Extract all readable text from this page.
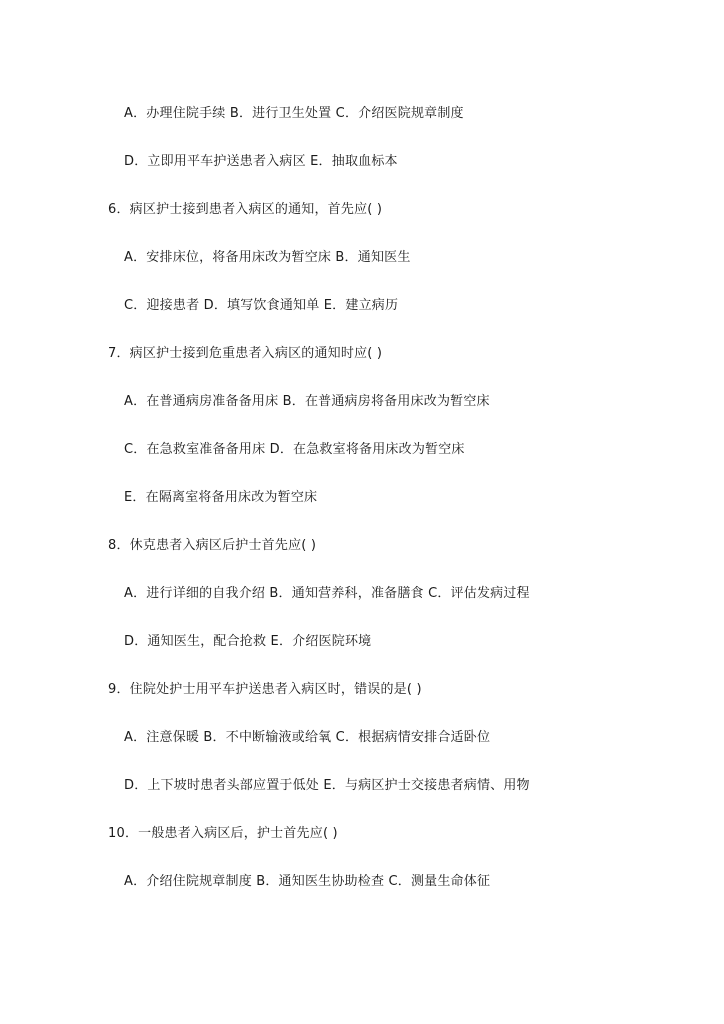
A．办理住院手续 B．进行卫生处置 C．介绍医院规章制度
D．立即用平车护送患者入病区 E．抽取血标本
6．病区护士接到患者入病区的通知，首先应( )
A．安排床位，将备用床改为暂空床 B．通知医生
C．迎接患者 D．填写饮食通知单 E．建立病历
7．病区护士接到危重患者入病区的通知时应( )
A．在普通病房准备备用床 B．在普通病房将备用床改为暂空床
C．在急救室准备备用床 D．在急救室将备用床改为暂空床
E．在隔离室将备用床改为暂空床
8．休克患者入病区后护士首先应( )
A．进行详细的自我介绍 B．通知营养科，准备膳食 C．评估发病过程
D．通知医生，配合抢救 E．介绍医院环境
9．住院处护士用平车护送患者入病区时，错误的是( )
A．注意保暖 B．不中断输液或给氧 C．根据病情安排合适卧位
D．上下坡时患者头部应置于低处 E．与病区护士交接患者病情、用物
10．一般患者入病区后，护士首先应( )
A．介绍住院规章制度 B．通知医生协助检查 C．测量生命体征
